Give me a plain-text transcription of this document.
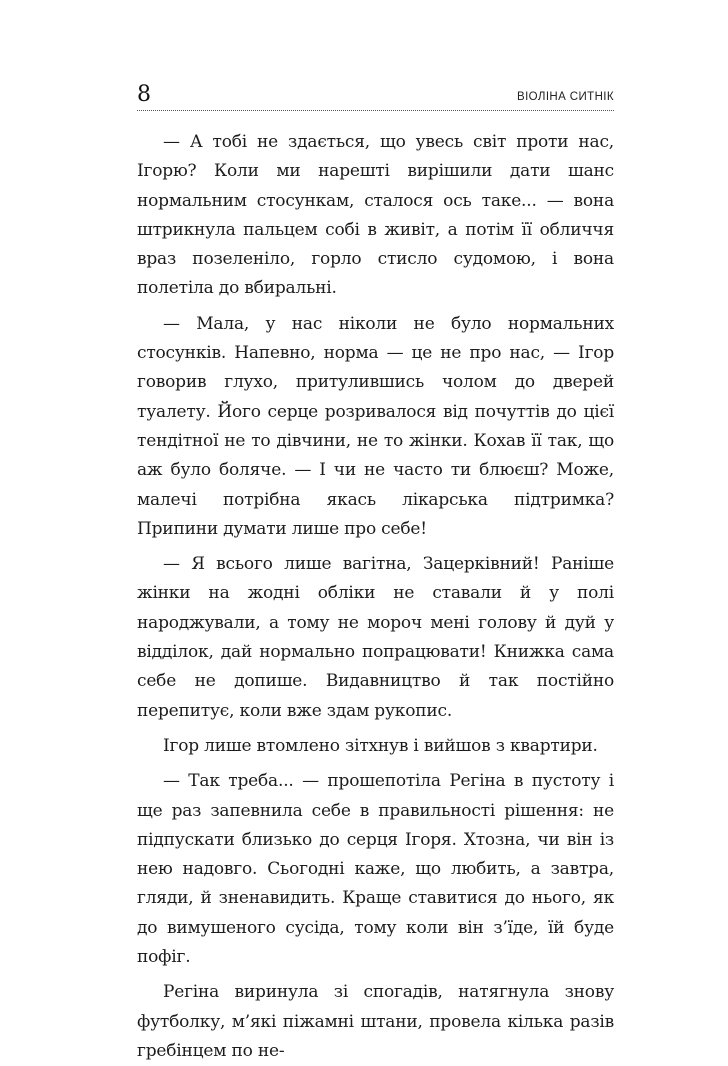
8	ВІОЛІНА СИТНІК

— А тобі не здається, що увесь світ проти нас, Ігорю? Коли ми нарешті вирішили дати шанс нормальним стосункам, сталося ось таке... — вона штрикнула пальцем собі в живіт, а потім її обличчя враз позеленіло, горло стисло судомою, і вона полетіла до вбиральні.

— Мала, у нас ніколи не було нормальних стосунків. Напевно, норма — це не про нас, — Ігор говорив глухо, притулившись чолом до дверей туалету. Його серце розривалося від почуттів до цієї тендітної не то дівчини, не то жінки. Кохав її так, що аж було боляче. — І чи не часто ти блюєш? Може, малечі потрібна якась лікарська підтримка? Припини думати лише про себе!

— Я всього лише вагітна, Зацерківний! Раніше жінки на жодні обліки не ставали й у полі народжували, а тому не мороч мені голову й дуй у відділок, дай нормально попрацювати! Книжка сама себе не допише. Видавництво й так постійно перепитує, коли вже здам рукопис.

Ігор лише втомлено зітхнув і вийшов з квартири.

— Так треба... — прошепотіла Регіна в пустоту і ще раз запевнила себе в правильності рішення: не підпускати близько до серця Ігоря. Хтозна, чи він із нею надовго. Сьогодні каже, що любить, а завтра, гляди, й зненавидить. Краще ставитися до нього, як до вимушеного сусіда, тому коли він з’їде, їй буде пофіг.

Регіна виринула зі спогадів, натягнула знову футболку, м’які піжамні штани, провела кілька разів гребінцем по не-
